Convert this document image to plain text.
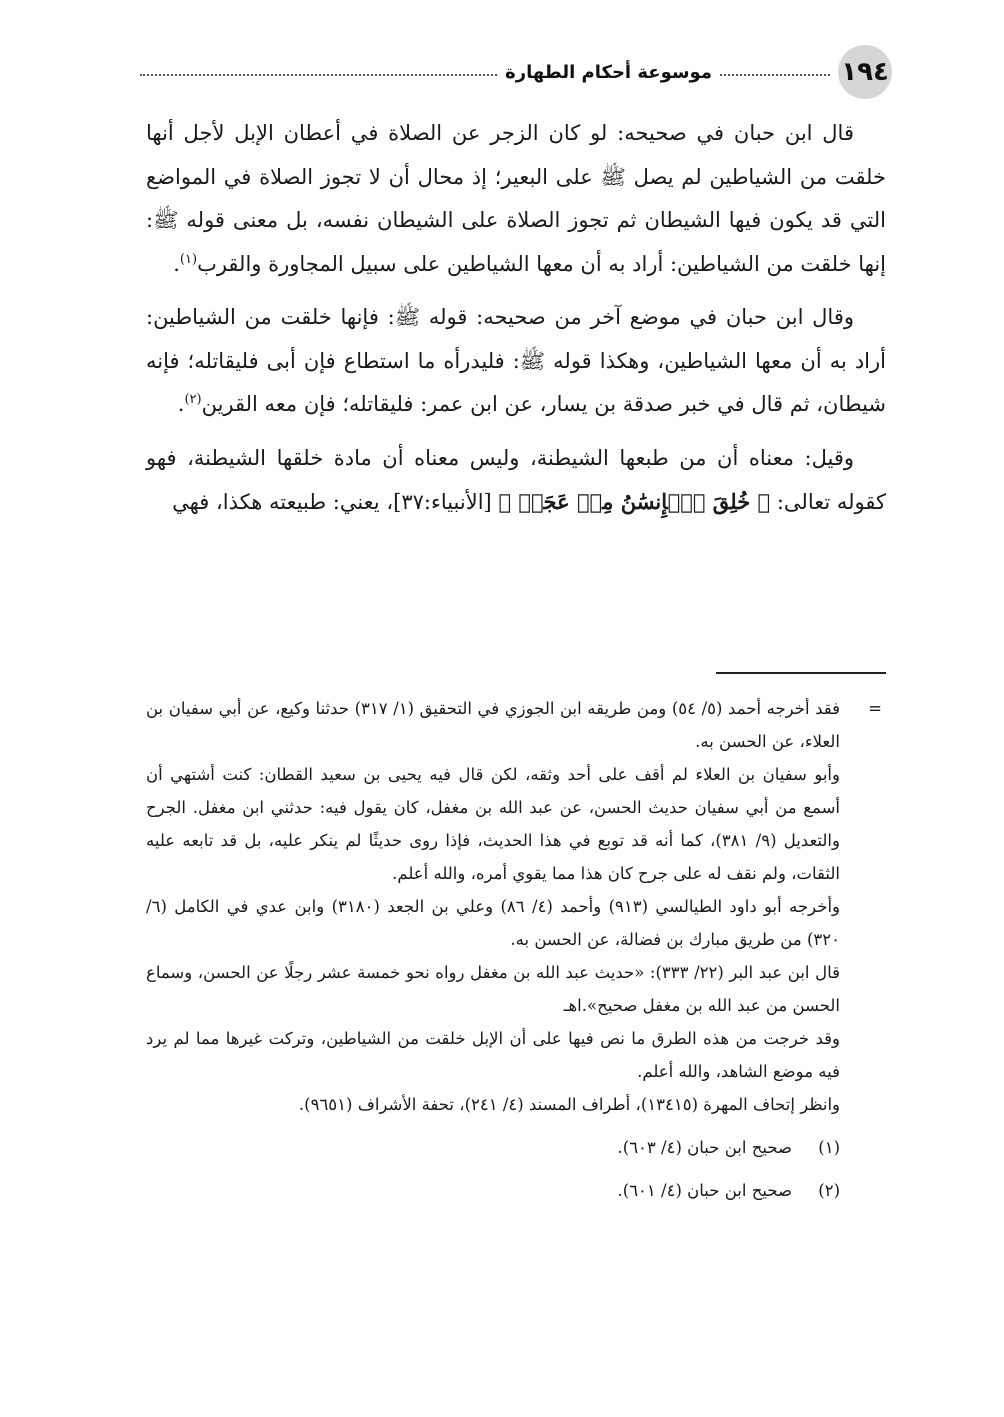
١٩٤
موسوعة أحكام الطهارة

قال ابن حبان في صحيحه: لو كان الزجر عن الصلاة في أعطان الإبل لأجل أنها خلقت من الشياطين لم يصل ﷺ على البعير؛ إذ محال أن لا تجوز الصلاة في المواضع التي قد يكون فيها الشيطان ثم تجوز الصلاة على الشيطان نفسه، بل معنى قوله ﷺ: إنها خلقت من الشياطين: أراد به أن معها الشياطين على سبيل المجاورة والقرب$^{(١)}$.

وقال ابن حبان في موضع آخر من صحيحه: قوله ﷺ: فإنها خلقت من الشياطين: أراد به أن معها الشياطين، وهكذا قوله ﷺ: فليدرأه ما استطاع فإن أبى فليقاتله؛ فإنه شيطان، ثم قال في خبر صدقة بن يسار، عن ابن عمر: فليقاتله؛ فإن معه القرين$^{(٢)}$.

وقيل: معناه أن من طبعها الشيطنة، وليس معناه أن مادة خلقها الشيطنة، فهو كقوله تعالى: ﴿ خُلِقَ ٱلۡإِنسَٰنُ مِنۡ عَجَلٖ ﴾ [الأنبياء:٣٧]، يعني: طبيعته هكذا، فهي

=

فقد أخرجه أحمد (٥/ ٥٤) ومن طريقه ابن الجوزي في التحقيق (١/ ٣١٧) حدثنا وكيع، عن أبي سفيان بن العلاء، عن الحسن به.

وأبو سفيان بن العلاء لم أقف على أحد وثقه، لكن قال فيه يحيى بن سعيد القطان: كنت أشتهي أن أسمع من أبي سفيان حديث الحسن، عن عبد الله بن مغفل، كان يقول فيه: حدثني ابن مغفل. الجرح والتعديل (٩/ ٣٨١)، كما أنه قد توبع في هذا الحديث، فإذا روى حديثًا لم ينكر عليه، بل قد تابعه عليه الثقات، ولم نقف له على جرح كان هذا مما يقوي أمره، والله أعلم.

وأخرجه أبو داود الطيالسي (٩١٣) وأحمد (٤/ ٨٦) وعلي بن الجعد (٣١٨٠) وابن عدي في الكامل (٦/ ٣٢٠) من طريق مبارك بن فضالة، عن الحسن به.

قال ابن عبد البر (٢٢/ ٣٣٣): «حديث عبد الله بن مغفل رواه نحو خمسة عشر رجلًا عن الحسن، وسماع الحسن من عبد الله بن مغفل صحيح».اهـ

وقد خرجت من هذه الطرق ما نص فيها على أن الإبل خلقت من الشياطين، وتركت غيرها مما لم يرد فيه موضع الشاهد، والله أعلم.

وانظر إتحاف المهرة (١٣٤١٥)، أطراف المسند (٤/ ٢٤١)، تحفة الأشراف (٩٦٥١).

(١)
صحيح ابن حبان (٤/ ٦٠٣).
(٢)
صحيح ابن حبان (٤/ ٦٠١).
